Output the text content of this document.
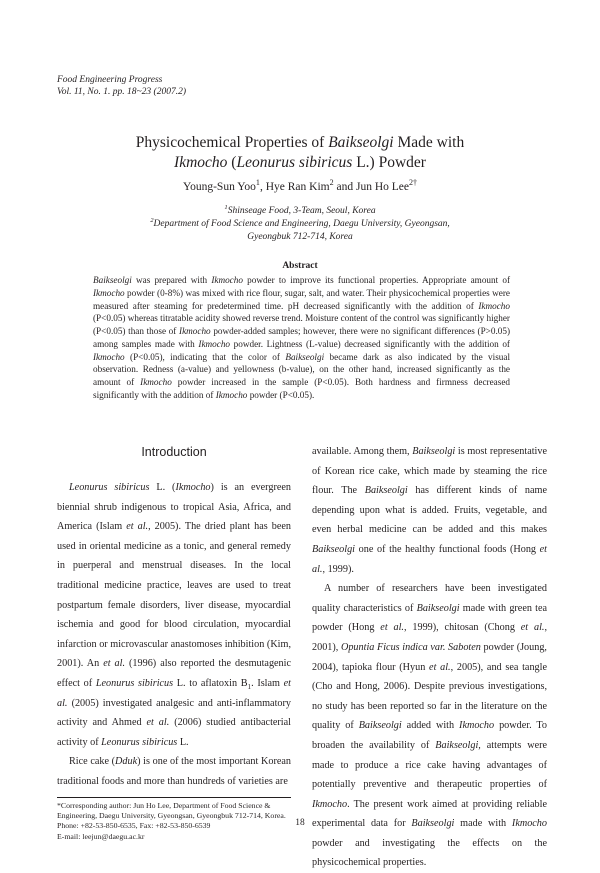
Food Engineering Progress
Vol. 11, No. 1. pp. 18~23 (2007.2)
Physicochemical Properties of Baikseolgi Made with
Ikmocho (Leonurus sibiricus L.) Powder
Young-Sun Yoo$^1$, Hye Ran Kim$^2$ and Jun Ho Lee$^{2\dagger}$

$^1$Shinseage Food, 3-Team, Seoul, Korea

$^2$Department of Food Science and Engineering, Daegu University, Gyeongsan,

Gyeongbuk 712-714, Korea

Abstract
Baikseolgi was prepared with Ikmocho powder to improve its functional properties. Appropriate amount of Ikmocho powder (0-8%) was mixed with rice flour, sugar, salt, and water. Their physicochemical properties were measured after steaming for predetermined time. pH decreased significantly with the addition of Ikmocho (P<0.05) whereas titratable acidity showed reverse trend. Moisture content of the control was significantly higher (P<0.05) than those of Ikmocho powder-added samples; however, there were no significant differences (P>0.05) among samples made with Ikmocho powder. Lightness (L-value) decreased significantly with the addition of Ikmocho (P<0.05), indicating that the color of Baikseolgi became dark as also indicated by the visual observation. Redness (a-value) and yellowness (b-value), on the other hand, increased significantly as the amount of Ikmocho powder increased in the sample (P<0.05). Both hardness and firmness decreased significantly with the addition of Ikmocho powder (P<0.05).
Introduction

Leonurus sibiricus L. (Ikmocho) is an evergreen biennial shrub indigenous to tropical Asia, Africa, and America (Islam et al., 2005). The dried plant has been used in oriental medicine as a tonic, and general remedy in puerperal and menstrual diseases. In the local traditional medicine practice, leaves are used to treat postpartum female disorders, liver disease, myocardial ischemia and good for blood circulation, myocardial infarction or microvascular anastomoses inhibition (Kim, 2001). An et al. (1996) also reported the desmutagenic effect of Leonurus sibiricus L. to aflatoxin $B_1$. Islam et al. (2005) investigated analgesic and anti-inflammatory activity and Ahmed et al. (2006) studied antibacterial activity of Leonurus sibiricus L.

Rice cake (Dduk) is one of the most important Korean traditional foods and more than hundreds of varieties are

available. Among them, Baikseolgi is most representative of Korean rice cake, which made by steaming the rice flour. The Baikseolgi has different kinds of name depending upon what is added. Fruits, vegetable, and even herbal medicine can be added and this makes Baikseolgi one of the healthy functional foods (Hong et al., 1999).

A number of researchers have been investigated quality characteristics of Baikseolgi made with green tea powder (Hong et al., 1999), chitosan (Chong et al., 2001), Opuntia Ficus indica var. Saboten powder (Joung, 2004), tapioka flour (Hyun et al., 2005), and sea tangle (Cho and Hong, 2006). Despite previous investigations, no study has been reported so far in the literature on the quality of Baikseolgi added with Ikmocho powder. To broaden the availability of Baikseolgi, attempts were made to produce a rice cake having advantages of potentially preventive and therapeutic properties of Ikmocho. The present work aimed at providing reliable experimental data for Baikseolgi made with Ikmocho powder and investigating the effects on the physicochemical properties.

*Corresponding author: Jun Ho Lee, Department of Food Science & Engineering, Daegu University, Gyeongsan, Gyeongbuk 712-714, Korea.

Phone: +82-53-850-6535, Fax: +82-53-850-6539

E-mail: leejun@daegu.ac.kr

18
